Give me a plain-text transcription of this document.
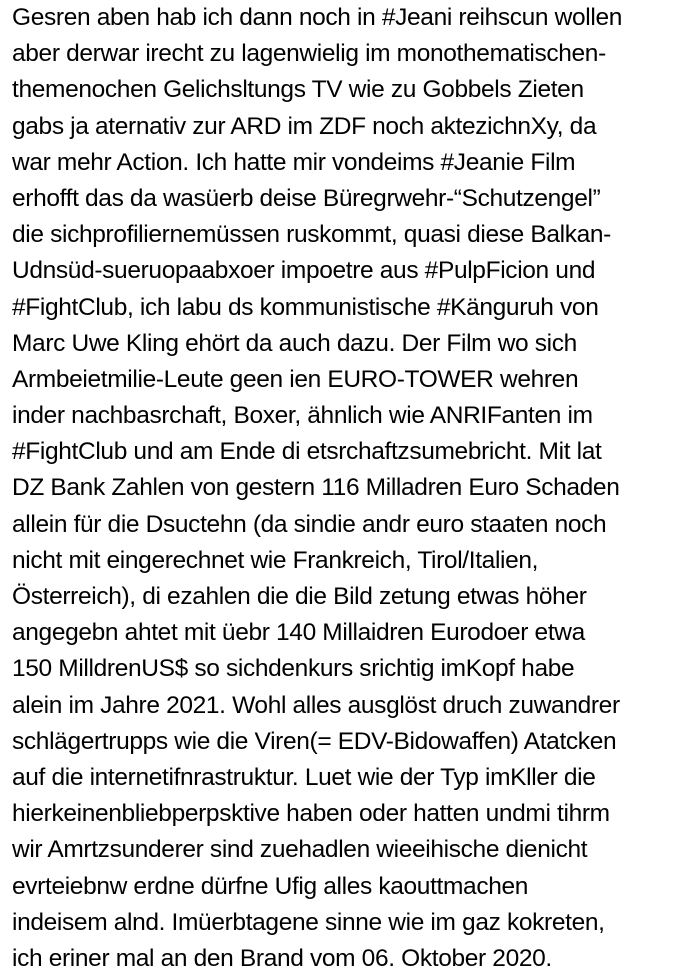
Gesren aben hab ich dann noch in #Jeani reihscun wollen
aber derwar irecht zu lagenwielig im monothematischen-
themenochen Gelichsltungs TV wie zu Gobbels Zieten
gabs ja aternativ zur ARD im ZDF noch aktezichnXy, da
war mehr Action. Ich hatte mir vondeims #Jeanie Film
erhofft das da wasüerb deise Büregrwehr-“Schutzengel”
die sichprofiliernemüssen ruskommt, quasi diese Balkan-
Udnsüd-sueruopaabxoer impoetre aus #PulpFicion und
#FightClub, ich labu ds kommunistische #Känguruh von
Marc Uwe Kling ehört da auch dazu. Der Film wo sich
Armbeietmilie-Leute geen ien EURO-TOWER wehren
inder nachbasrchaft, Boxer, ähnlich wie ANRIFanten im
#FightClub und am Ende di etsrchaftzsumebricht. Mit lat
DZ Bank Zahlen von gestern 116 Milladren Euro Schaden
allein für die Dsuctehn (da sindie andr euro staaten noch
nicht mit eingerechnet wie Frankreich, Tirol/Italien,
Österreich), di ezahlen die die Bild zetung etwas höher
angegebn ahtet mit üebr 140 Millaidren Eurodoer etwa
150 MilldrenUS$ so sichdenkurs srichtig imKopf habe
alein im Jahre 2021. Wohl alles ausglöst druch zuwandrer
schlägertrupps wie die Viren(= EDV-Bidowaffen) Atatcken
auf die internetifnrastruktur. Luet wie der Typ imKller die
hierkeinenbliebperpsktive haben oder hatten undmi tihrm
wir Amrtzsunderer sind zuehadlen wieeihische dienicht
evrteiebnw erdne dürfne Ufig alles kaouttmachen
indeisem alnd. Imüerbtagene sinne wie im gaz kokreten,
ich eriner mal an den Brand vom 06. Oktober 2020.
